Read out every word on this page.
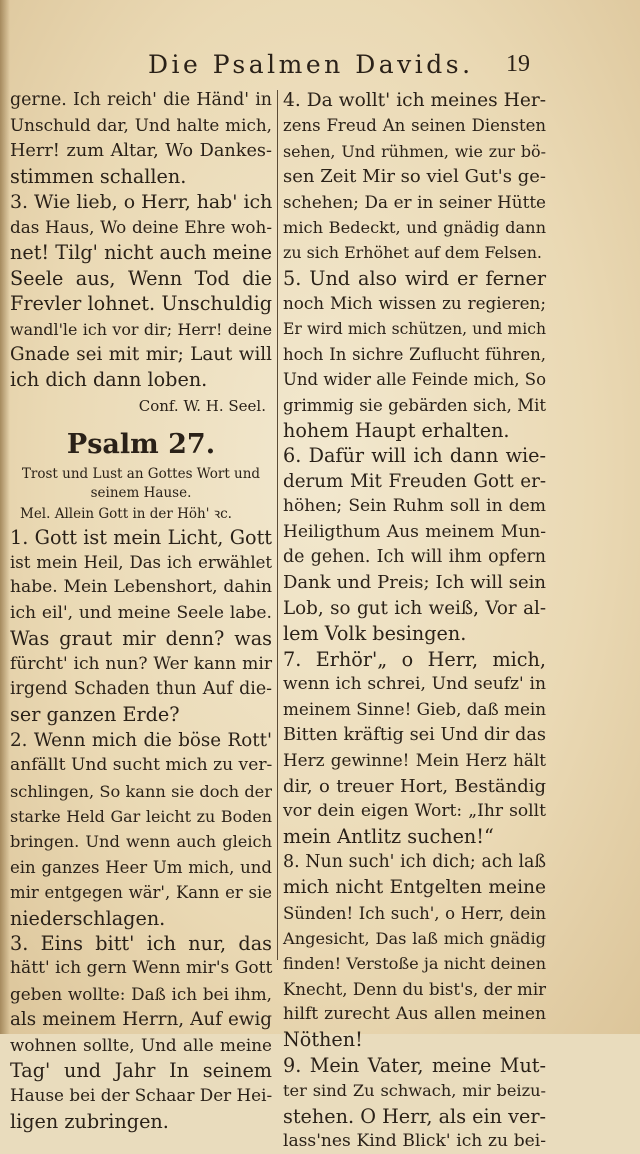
Die Psalmen Davids. 19
gerne. Ich reich' die Händ' in
Unschuld dar, Und halte mich,
Herr! zum Altar, Wo Dankes-
stimmen schallen.
3. Wie lieb, o Herr, hab' ich
das Haus, Wo deine Ehre woh-
net! Tilg' nicht auch meine
Seele aus, Wenn Tod die
Frevler lohnet. Unschuldig
wandl'le ich vor dir; Herr! deine
Gnade sei mit mir; Laut will
ich dich dann loben.
Conf. W. H. Seel.
Psalm 27.
Trost und Lust an Gottes Wort und
seinem Hause.
Mel. Allein Gott in der Höh' ꝛc.
1. Gott ist mein Licht, Gott
ist mein Heil, Das ich erwählet
habe. Mein Lebenshort, dahin
ich eil', und meine Seele labe.
Was graut mir denn? was
fürcht' ich nun? Wer kann mir
irgend Schaden thun Auf die-
ser ganzen Erde?
2. Wenn mich die böse Rott'
anfällt Und sucht mich zu ver-
schlingen, So kann sie doch der
starke Held Gar leicht zu Boden
bringen. Und wenn auch gleich
ein ganzes Heer Um mich, und
mir entgegen wär', Kann er sie
niederschlagen.
3. Eins bitt' ich nur, das
hätt' ich gern Wenn mir's Gott
geben wollte: Daß ich bei ihm,
als meinem Herrn, Auf ewig
wohnen sollte, Und alle meine
Tag' und Jahr In seinem
Hause bei der Schaar Der Hei-
ligen zubringen.
4. Da wollt' ich meines Her-
zens Freud An seinen Diensten
sehen, Und rühmen, wie zur bö-
sen Zeit Mir so viel Gut's ge-
schehen; Da er in seiner Hütte
mich Bedeckt, und gnädig dann
zu sich Erhöhet auf dem Felsen.
5. Und also wird er ferner
noch Mich wissen zu regieren;
Er wird mich schützen, und mich
hoch In sichre Zuflucht führen,
Und wider alle Feinde mich, So
grimmig sie gebärden sich, Mit
hohem Haupt erhalten.
6. Dafür will ich dann wie-
derum Mit Freuden Gott er-
höhen; Sein Ruhm soll in dem
Heiligthum Aus meinem Mun-
de gehen. Ich will ihm opfern
Dank und Preis; Ich will sein
Lob, so gut ich weiß, Vor al-
lem Volk besingen.
7. Erhör'„ o Herr, mich,
wenn ich schrei, Und seufz' in
meinem Sinne! Gieb, daß mein
Bitten kräftig sei Und dir das
Herz gewinne! Mein Herz hält
dir, o treuer Hort, Beständig
vor dein eigen Wort: „Ihr sollt
mein Antlitz suchen!“
8. Nun such' ich dich; ach laß
mich nicht Entgelten meine
Sünden! Ich such', o Herr, dein
Angesicht, Das laß mich gnädig
finden! Verstoße ja nicht deinen
Knecht, Denn du bist's, der mir
hilft zurecht Aus allen meinen
Nöthen!
9. Mein Vater, meine Mut-
ter sind Zu schwach, mir beizu-
stehen. O Herr, als ein ver-
lass'nes Kind Blick' ich zu bei-
